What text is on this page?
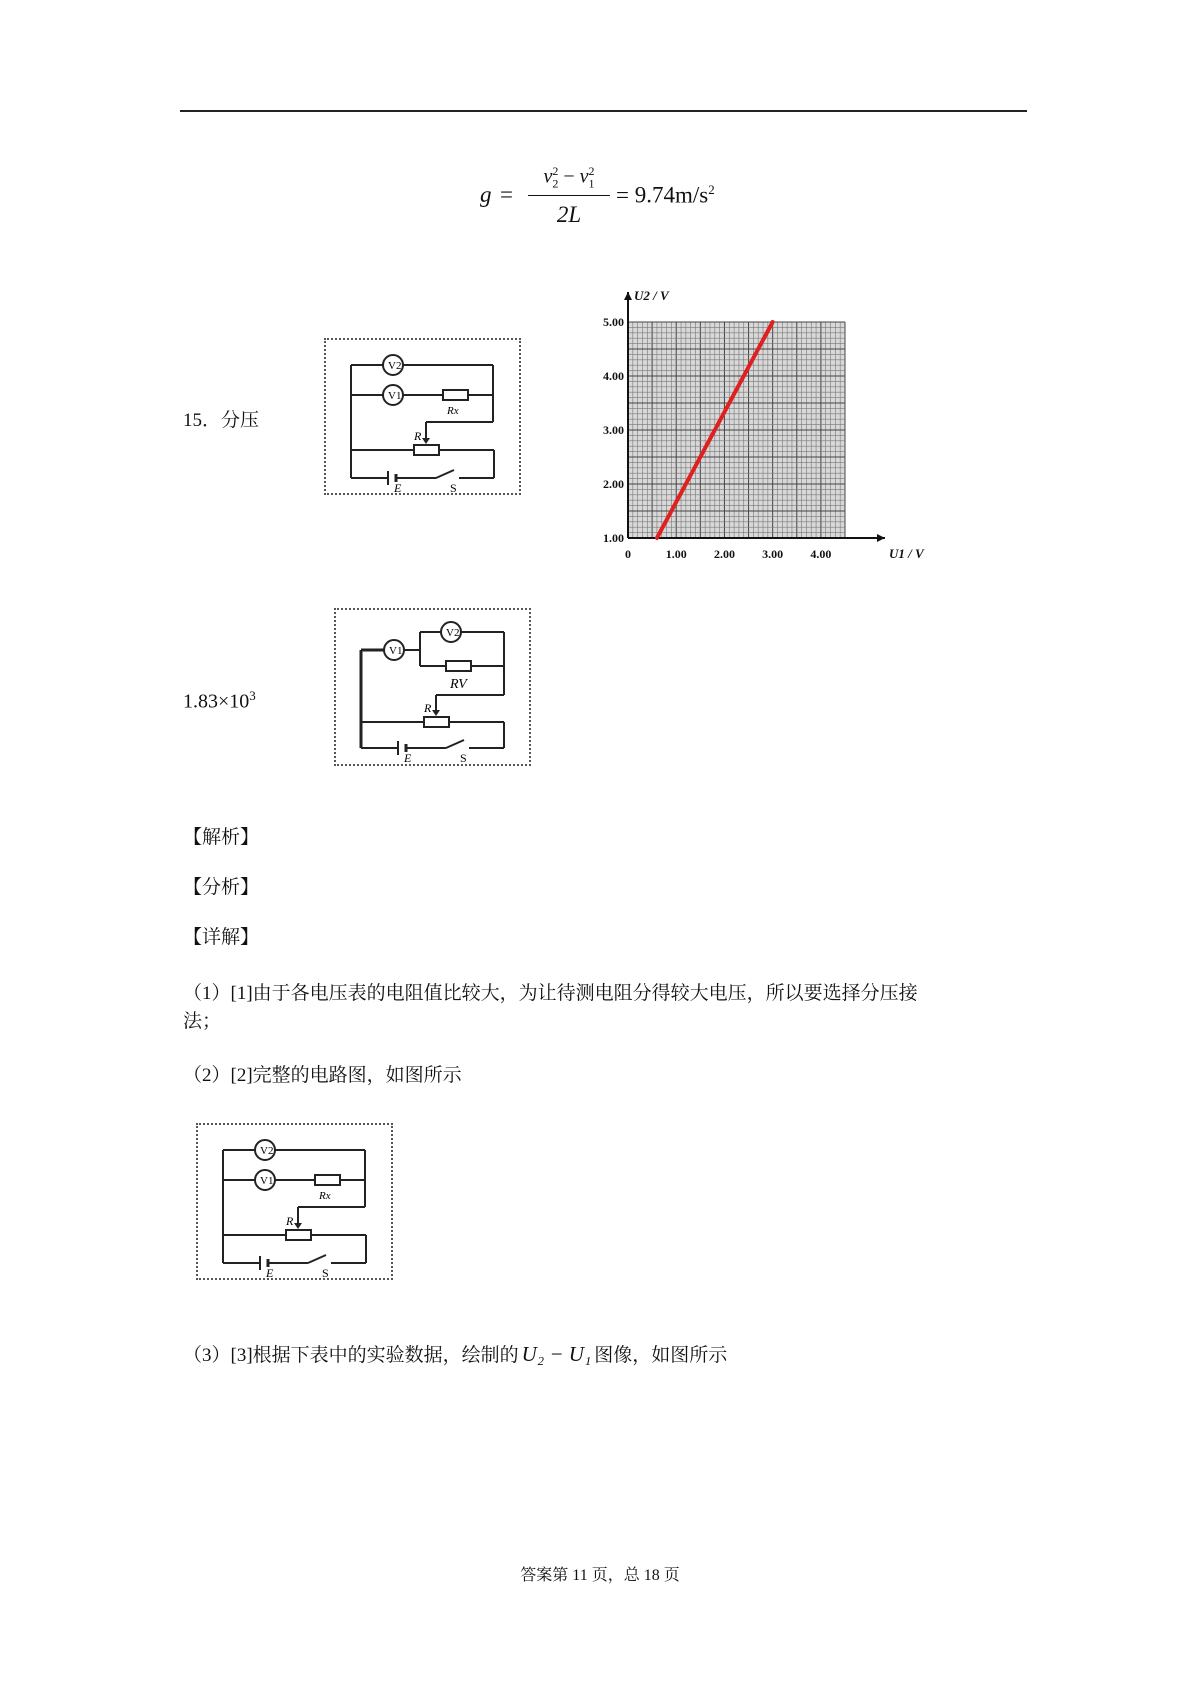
g =
$v_2^2 - v_1^2$
2L
= $9.74m/s^2$
15．分压
V2
V1
Rx
R
E	S
0	1.00 2.00 3.00 4.00
1.00
2.00
3.00
4.00
5.00
U1 / V
U2 / V
$1.83\times 10^3$
V1
V2
RV
R
E	S
【解析】
【分析】
【详解】
（1）[1]由于各电压表的电阻值比较大，为让待测电阻分得较大电压，所以要选择分压接
法；
（2）[2]完整的电路图，如图所示
V2
V1
Rx
R
E	S
（3）[3]根据下表中的实验数据，绘制的 U₂ − U₁ 图像，如图所示
答案第 11 页，总 18 页
